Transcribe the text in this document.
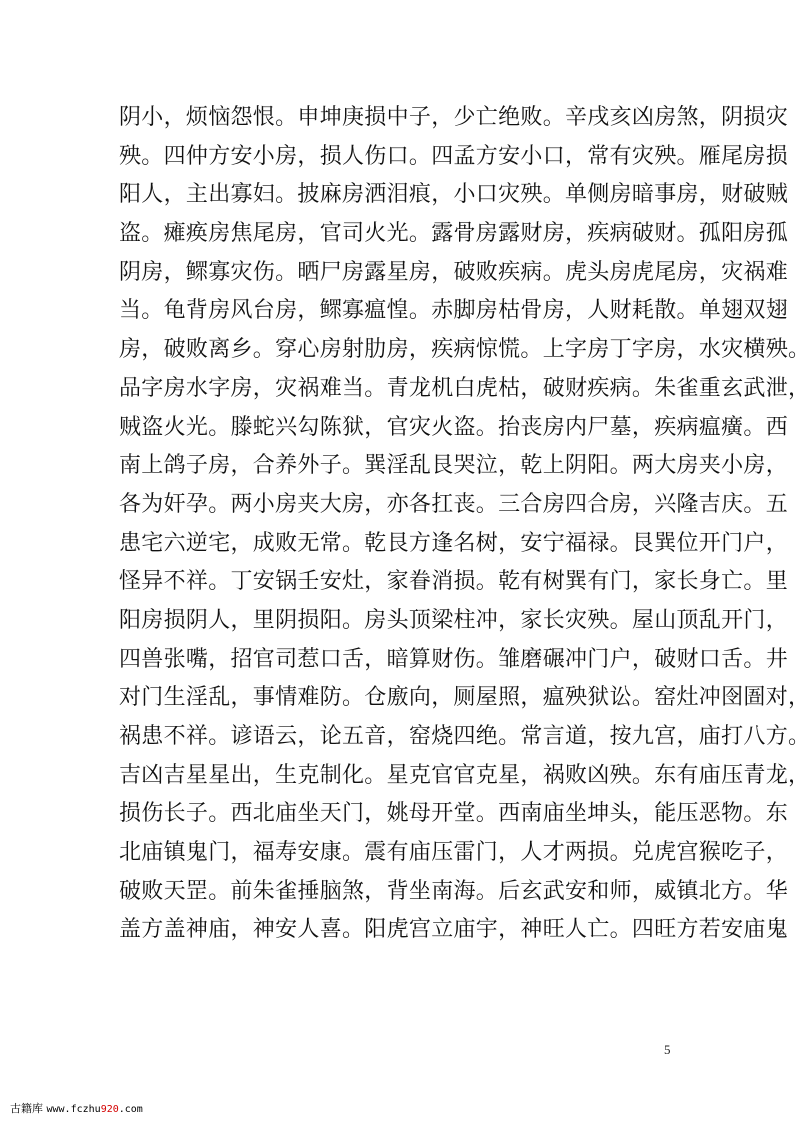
阴小，烦恼怨恨。申坤庚损中子，少亡绝败。辛戌亥凶房煞，阴损灾
殃。四仲方安小房，损人伤口。四孟方安小口，常有灾殃。雁尾房损
阳人，主出寡妇。披麻房洒泪痕，小口灾殃。单侧房暗事房，财破贼
盗。瘫痪房焦尾房，官司火光。露骨房露财房，疾病破财。孤阳房孤
阴房，鳏寡灾伤。晒尸房露星房，破败疾病。虎头房虎尾房，灾祸难
当。龟背房风台房，鳏寡瘟惶。赤脚房枯骨房，人财耗散。单翅双翅
房，破败离乡。穿心房射肋房，疾病惊慌。上字房丁字房，水灾横殃。
品字房水字房，灾祸难当。青龙机白虎枯，破财疾病。朱雀重玄武泄，
贼盗火光。滕蛇兴勾陈狱，官灾火盗。抬丧房内尸墓，疾病瘟癀。西
南上鸽子房，合养外子。巽淫乱艮哭泣，乾上阴阳。两大房夹小房，
各为奸孕。两小房夹大房，亦各扛丧。三合房四合房，兴隆吉庆。五
患宅六逆宅，成败无常。乾艮方逢名树，安宁福禄。艮巽位开门户，
怪异不祥。丁安锅壬安灶，家眷消损。乾有树巽有门，家长身亡。里
阳房损阴人，里阴损阳。房头顶梁柱冲，家长灾殃。屋山顶乱开门，
四兽张嘴，招官司惹口舌，暗算财伤。雏磨碾冲门户，破财口舌。井
对门生淫乱，事情难防。仓廒向，厕屋照，瘟殃狱讼。窑灶冲囹圄对，
祸患不祥。谚语云，论五音，窑烧四绝。常言道，按九宫，庙打八方。
吉凶吉星星出，生克制化。星克官官克星，祸败凶殃。东有庙压青龙，
损伤长子。西北庙坐天门，姚母开堂。西南庙坐坤头，能压恶物。东
北庙镇鬼门，福寿安康。震有庙压雷门，人才两损。兑虎宫猴吃子，
破败天罡。前朱雀捶脑煞，背坐南海。后玄武安和师，威镇北方。华
盖方盖神庙，神安人喜。阳虎宫立庙宇，神旺人亡。四旺方若安庙鬼
5
古籍库 www.fczhu920.com
